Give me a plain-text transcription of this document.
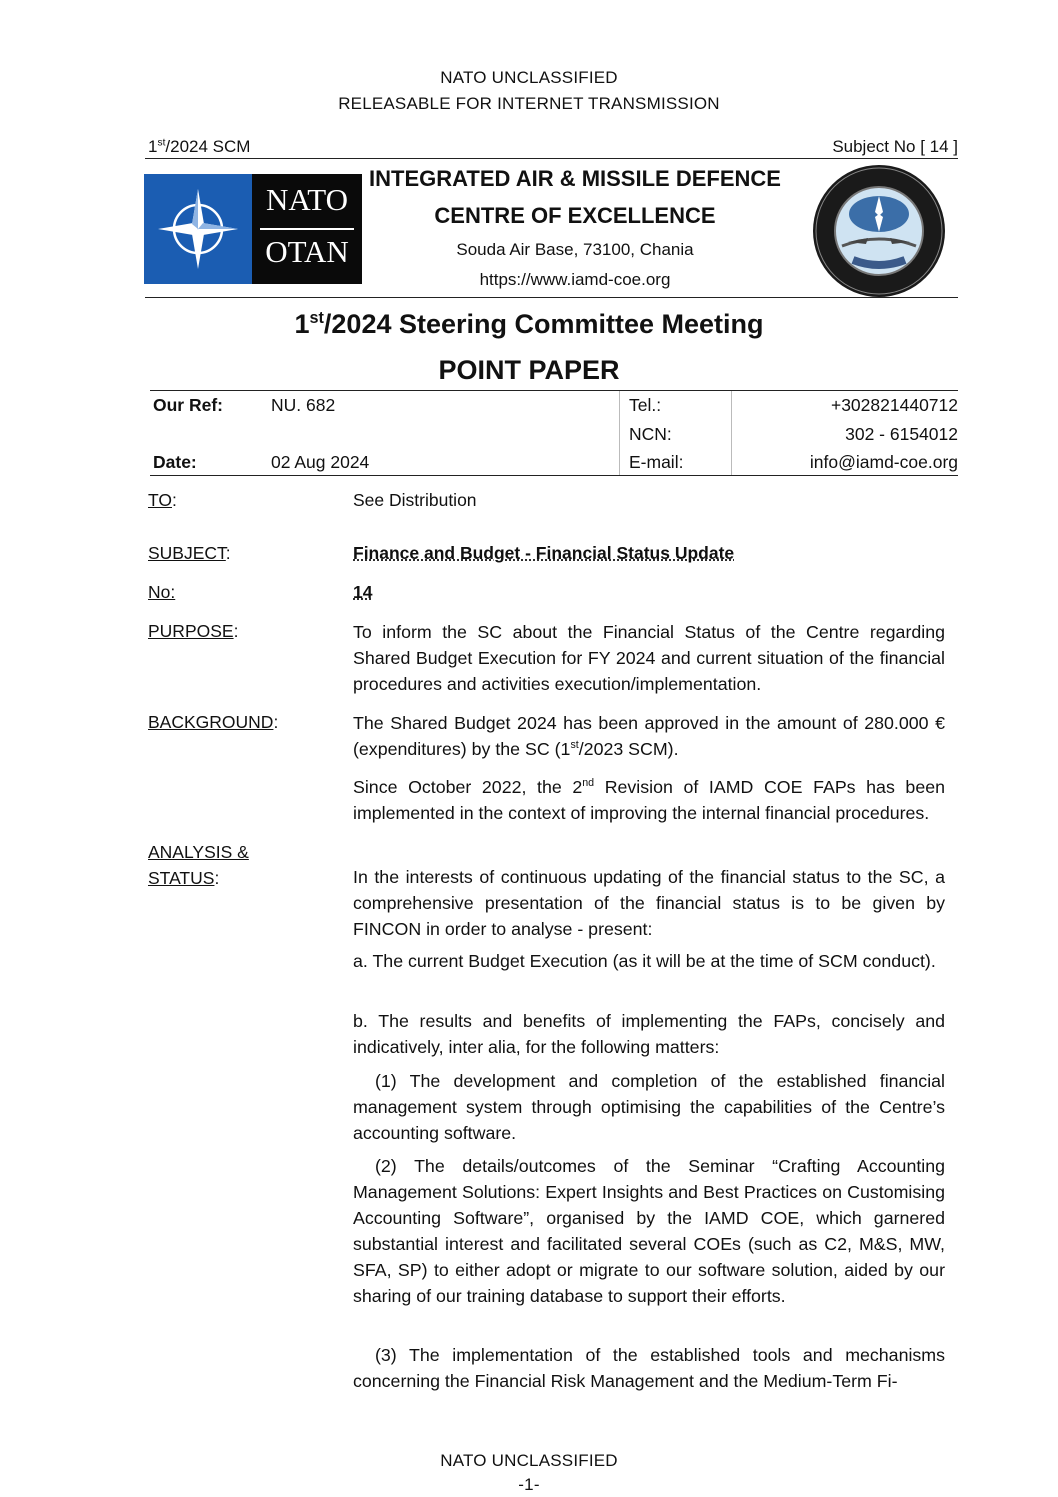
NATO UNCLASSIFIED
RELEASABLE FOR INTERNET TRANSMISSION
1st/2024 SCM	Subject No [ 14 ]
NATO
OTAN
INTEGRATED AIR & MISSILE DEFENCE
CENTRE OF EXCELLENCE
Souda Air Base, 73100, Chania
https://www.iamd-coe.org
1st/2024 Steering Committee Meeting
POINT PAPER
Our Ref:	NU. 682	Tel.:	+302821440712
NCN:	302 - 6154012
Date:	02 Aug 2024	E-mail:	info@iamd-coe.org
TO:	See Distribution
SUBJECT:	Finance and Budget - Financial Status Update
No:	14
PURPOSE:	To inform the SC about the Financial Status of the Centre regarding Shared Budget Execution for FY 2024 and current situation of the financial procedures and activities execution/implementation.
BACKGROUND:	The Shared Budget 2024 has been approved in the amount of 280.000 € (expenditures) by the SC (1st/2023 SCM).
Since October 2022, the 2nd Revision of IAMD COE FAPs has been implemented in the context of improving the internal financial procedures.
ANALYSIS &
STATUS:	In the interests of continuous updating of the financial status to the SC, a comprehensive presentation of the financial status is to be given by FINCON in order to analyse - present:
a. The current Budget Execution (as it will be at the time of SCM conduct).
b. The results and benefits of implementing the FAPs, concisely and indicatively, inter alia, for the following matters:
(1) The development and completion of the established financial management system through optimising the capabilities of the Centre’s accounting software.
(2) The details/outcomes of the Seminar “Crafting Accounting Management Solutions: Expert Insights and Best Practices on Customising Accounting Software”, organised by the IAMD COE, which garnered substantial interest and facilitated several COEs (such as C2, M&S, MW, SFA, SP) to either adopt or migrate to our software solution, aided by our sharing of our training database to support their efforts.
(3) The implementation of the established tools and mechanisms concerning the Financial Risk Management and the Medium-Term Fi-
NATO UNCLASSIFIED
-1-
